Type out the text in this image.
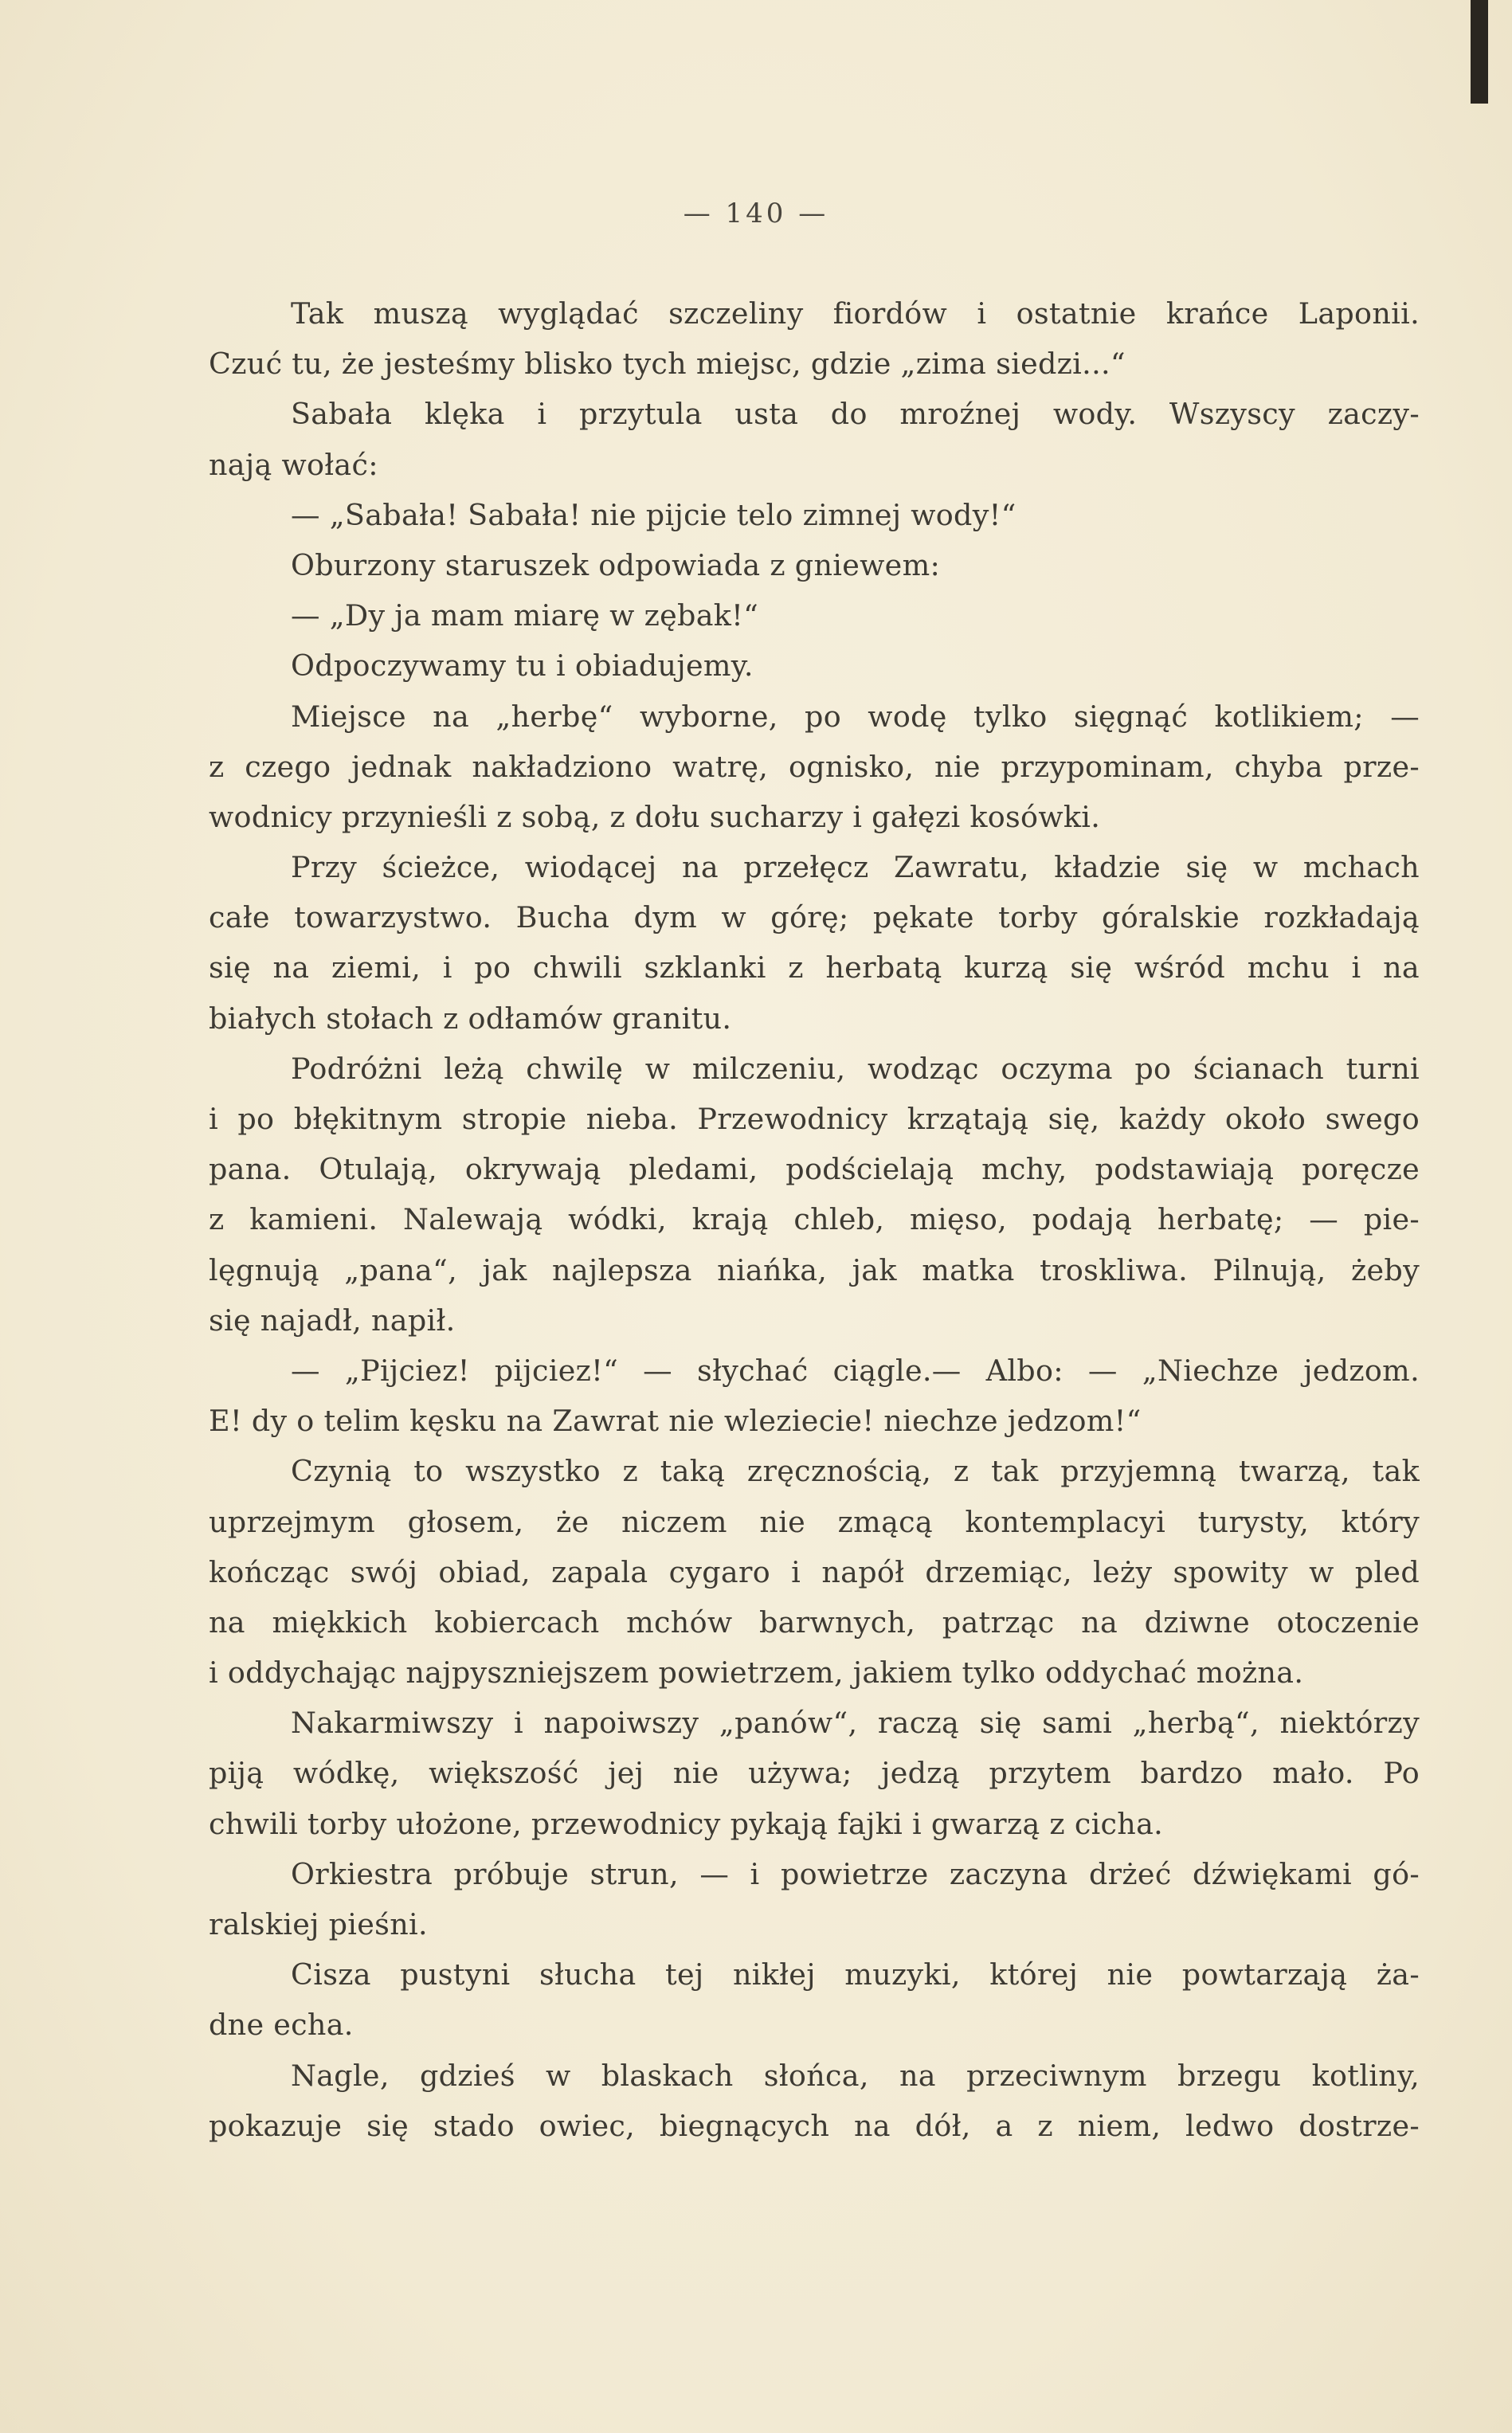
— 140 —
Tak muszą wyglądać szczeliny fiordów i ostatnie krańce Laponii.
Czuć tu, że jesteśmy blisko tych miejsc, gdzie „zima siedzi...“
Sabała klęka i przytula usta do mroźnej wody. Wszyscy zaczy-
nają wołać:
— „Sabała! Sabała! nie pijcie telo zimnej wody!“
Oburzony staruszek odpowiada z gniewem:
— „Dy ja mam miarę w zębak!“
Odpoczywamy tu i obiadujemy.
Miejsce na „herbę“ wyborne, po wodę tylko sięgnąć kotlikiem; —
z czego jednak nakładziono watrę, ognisko, nie przypominam, chyba prze-
wodnicy przynieśli z sobą, z dołu sucharzy i gałęzi kosówki.
Przy ścieżce, wiodącej na przełęcz Zawratu, kładzie się w mchach
całe towarzystwo. Bucha dym w górę; pękate torby góralskie rozkładają
się na ziemi, i po chwili szklanki z herbatą kurzą się wśród mchu i na
białych stołach z odłamów granitu.
Podróżni leżą chwilę w milczeniu, wodząc oczyma po ścianach turni
i po błękitnym stropie nieba. Przewodnicy krzątają się, każdy około swego
pana. Otulają, okrywają pledami, podścielają mchy, podstawiają poręcze
z kamieni. Nalewają wódki, krają chleb, mięso, podają herbatę; — pie-
lęgnują „pana“, jak najlepsza niańka, jak matka troskliwa. Pilnują, żeby
się najadł, napił.
— „Pijciez! pijciez!“ — słychać ciągle.— Albo: — „Niechze jedzom.
E! dy o telim kęsku na Zawrat nie wleziecie! niechze jedzom!“
Czynią to wszystko z taką zręcznością, z tak przyjemną twarzą, tak
uprzejmym głosem, że niczem nie zmącą kontemplacyi turysty, który
kończąc swój obiad, zapala cygaro i napół drzemiąc, leży spowity w pled
na miękkich kobiercach mchów barwnych, patrząc na dziwne otoczenie
i oddychając najpyszniejszem powietrzem, jakiem tylko oddychać można.
Nakarmiwszy i napoiwszy „panów“, raczą się sami „herbą“, niektórzy
piją wódkę, większość jej nie używa; jedzą przytem bardzo mało. Po
chwili torby ułożone, przewodnicy pykają fajki i gwarzą z cicha.
Orkiestra próbuje strun, — i powietrze zaczyna drżeć dźwiękami gó-
ralskiej pieśni.
Cisza pustyni słucha tej nikłej muzyki, której nie powtarzają ża-
dne echa.
Nagle, gdzieś w blaskach słońca, na przeciwnym brzegu kotliny,
pokazuje się stado owiec, biegnących na dół, a z niem, ledwo dostrze-
